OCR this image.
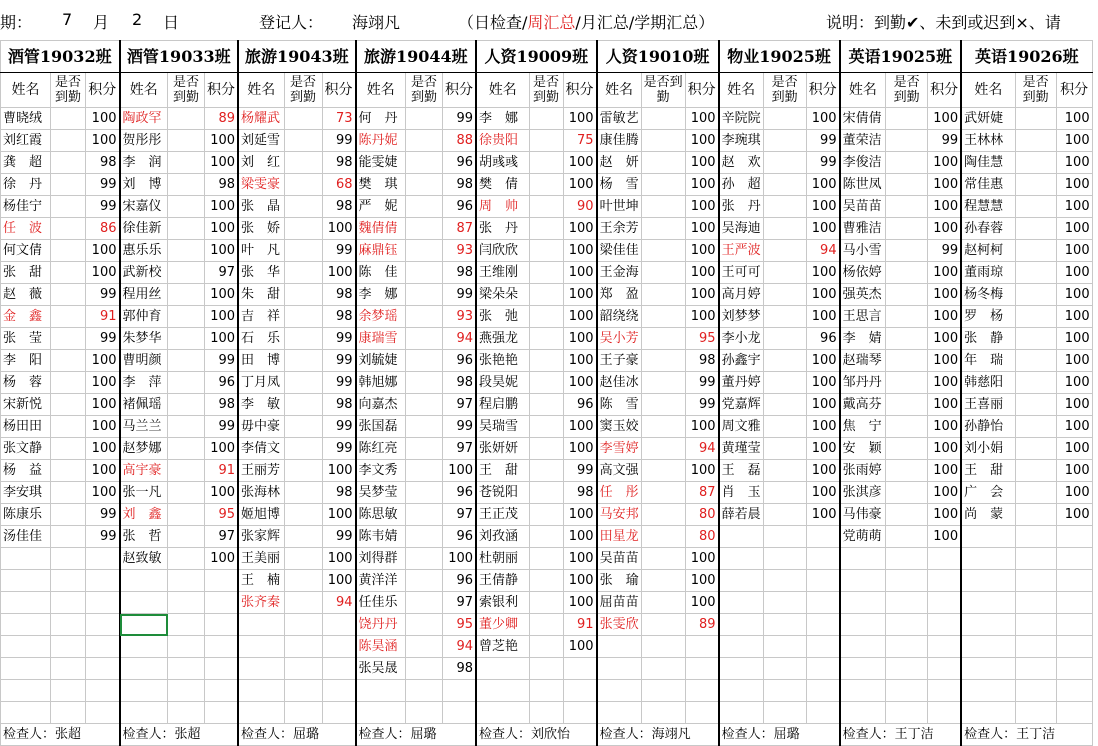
期： 7 月 2 日	登记人： 海翊凡	（日检查/周汇总/月汇总/学期汇总）	说明：到勤✔、未到或迟到×、请
酒管19032班			酒管19033班			旅游19043班			旅游19044班			人资19009班			人资19010班			物业19025班			英语19025班			英语19026班		
姓名	是否到勤	积分	姓名	是否到勤	积分	姓名	是否到勤	积分	姓名	是否到勤	积分	姓名	是否到勤	积分	姓名	是否到勤	积分	姓名	是否到勤	积分	姓名	是否到勤	积分	姓名	是否到勤	积分
曹晓绒		100	陶政罕		89	杨耀武		73	何　丹		99	李　娜		100	雷敏艺		100	辛院院		100	宋倩倩		100	武妍婕		100
刘红霞		100	贺彤彤		100	刘延雪		99	陈丹妮		88	徐贵阳		75	康佳腾		100	李琬琪		99	董荣洁		99	王林林		100
龚　超		98	李　润		100	刘　红		98	能雯婕		96	胡彧彧		100	赵　妍		100	赵　欢		99	李俊洁		100	陶佳慧		100
徐　丹		99	刘　博		98	梁雯豪		68	樊　琪		98	樊　倩		100	杨　雪		100	孙　超		100	陈世凤		100	常佳惠		100
杨佳宁		99	宋嘉仪		100	张　晶		98	严　妮		96	周　帅		90	叶世坤		100	张　丹		100	吴苗苗		100	程慧慧		100
任　波		86	徐佳新		100	张　娇		100	魏倩倩		87	张　丹		100	王余芳		100	吴海迪		100	曹雅洁		100	孙春蓉		100
何文倩		100	惠乐乐		100	叶　凡		99	麻鼎钰		93	闫欣欣		100	梁佳佳		100	王严波		94	马小雪		99	赵柯柯		100
张　甜		100	武新校		97	张　华		100	陈　佳		98	王维刚		100	王金海		100	王可可		100	杨依婷		100	董雨琼		100
赵　薇		99	程用丝		100	朱　甜		98	李　娜		99	梁朵朵		100	郑　盈		100	高月婷		100	强英杰		100	杨冬梅		100
金　鑫		91	郭仲育		100	吉　祥		98	余梦瑶		93	张　弛		100	韶绕绕		100	刘梦梦		100	王思言		100	罗　杨		100
张　莹		99	朱梦华		100	石　乐		99	康瑞雪		94	燕强龙		100	吴小芳		95	李小龙		96	李　婧		100	张　静		100
李　阳		100	曹明颜		99	田　博		99	刘毓婕		96	张艳艳		100	王子豪		98	孙鑫宇		100	赵瑞琴		100	年　瑞		100
杨　蓉		100	李　萍		96	丁月凤		99	韩旭娜		98	段昊妮		100	赵佳冰		99	董丹婷		100	邹丹丹		100	韩慈阳		100
宋新悦		100	褚佩瑶		98	李　敏		98	向嘉杰		97	程启鹏		96	陈　雪		99	党嘉辉		100	戴高芬		100	王喜丽		100
杨田田		100	马兰兰		99	毋中豪		99	张国磊		99	吴瑞雪		100	窦玉姣		100	周文雅		100	焦　宁		100	孙静怡		100
张文静		100	赵梦娜		100	李倩文		99	陈红亮		97	张妍妍		100	李雪婷		94	黄瑾莹		100	安　颖		100	刘小娟		100
杨　益		100	高宇豪		91	王丽芳		100	李文秀		100	王　甜		99	高文强		100	王　磊		100	张雨婷		100	王　甜		100
李安琪		100	张一凡		100	张海林		98	吴梦莹		96	苍锐阳		98	任　彤		87	肖　玉		100	张淇彦		100	广　会		100
陈康乐		99	刘　鑫		95	姬旭博		100	陈思敏		97	王正茂		100	马安邦		80	薛若晨		100	马伟豪		100	尚　蒙		100
汤佳佳		99	张　哲		97	张家辉		99	陈韦婧		96	刘孜涵		100	田星龙		80				党萌萌		100			
			赵致敏		100	王美丽		100	刘得群		100	杜朝丽		100	吴苗苗		100									
						王　楠		100	黄洋洋		96	王倩静		100	张　瑜		100									
						张齐秦		94	任佳乐		97	索银利		100	屈苗苗		100									
									饶丹丹		95	董少卿		91	张雯欣		89									
									陈昊涵		94	曾芝艳		100												
									张吴晟		98															

检查人：张超			检查人：张超			检查人：屈璐			检查人：屈璐			检查人：刘欣怡			检查人：海翊凡			检查人：屈璐			检查人：王丁洁			检查人：王丁洁		
